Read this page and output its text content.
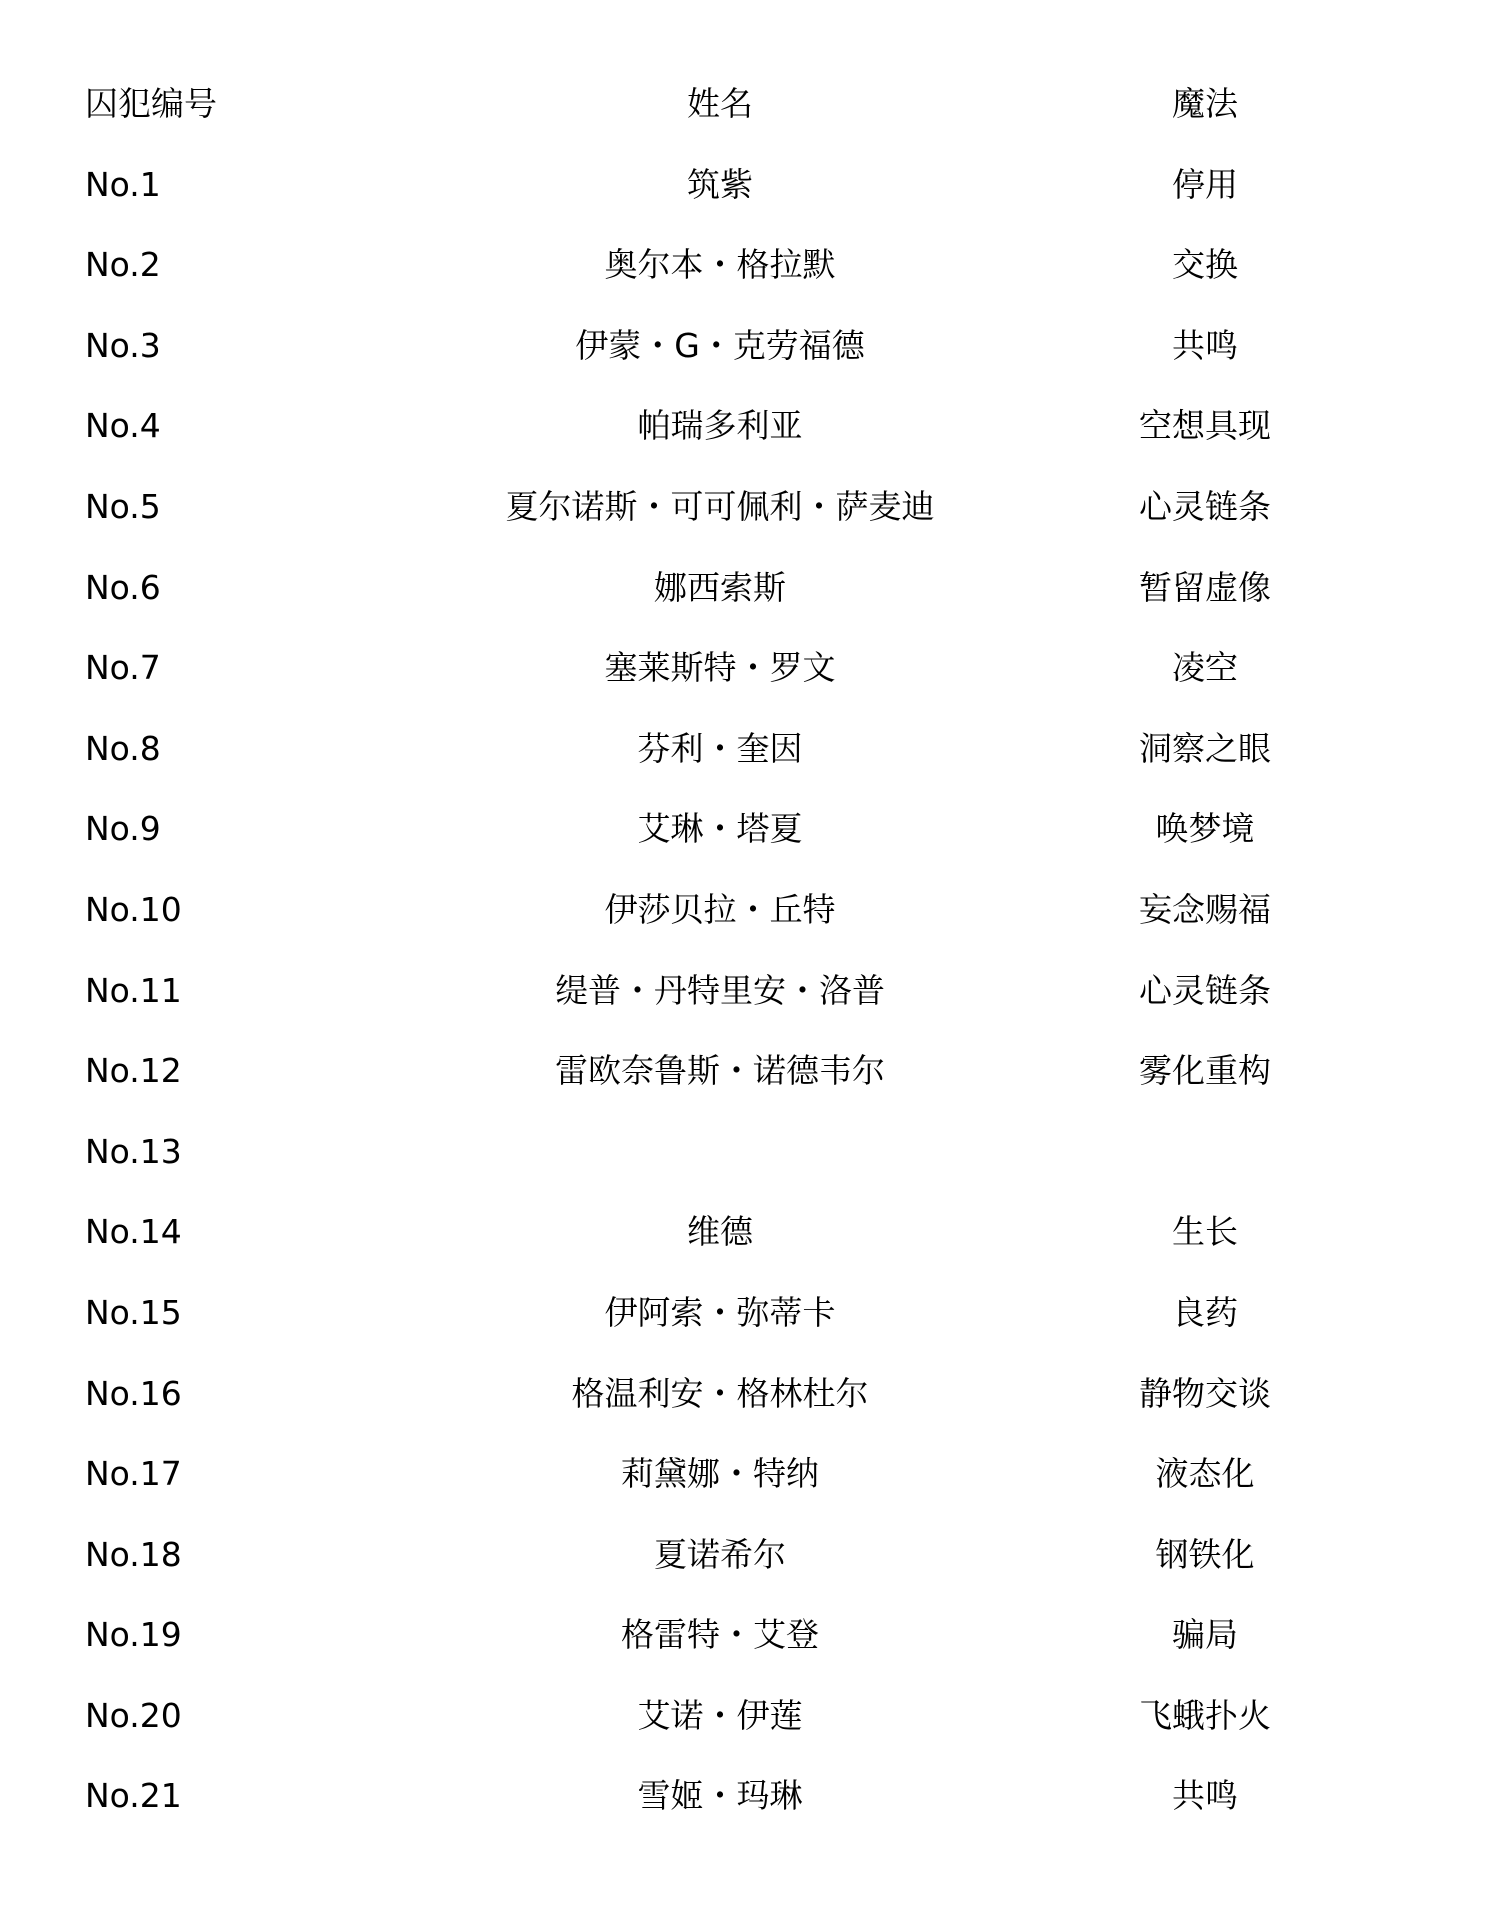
囚犯编号	姓名	魔法
No.1	筑紫	停用
No.2	奥尔本・格拉默	交换
No.3	伊蒙・G・克劳福德	共鸣
No.4	帕瑞多利亚	空想具现
No.5	夏尔诺斯・可可佩利・萨麦迪	心灵链条
No.6	娜西索斯	暂留虚像
No.7	塞莱斯特・罗文	凌空
No.8	芬利・奎因	洞察之眼
No.9	艾琳・塔夏	唤梦境
No.10	伊莎贝拉・丘特	妄念赐福
No.11	缇普・丹特里安・洛普	心灵链条
No.12	雷欧奈鲁斯・诺德韦尔	雾化重构
No.13
No.14	维德	生长
No.15	伊阿索・弥蒂卡	良药
No.16	格温利安・格林杜尔	静物交谈
No.17	莉黛娜・特纳	液态化
No.18	夏诺希尔	钢铁化
No.19	格雷特・艾登	骗局
No.20	艾诺・伊莲	飞蛾扑火
No.21	雪姬・玛琳	共鸣
